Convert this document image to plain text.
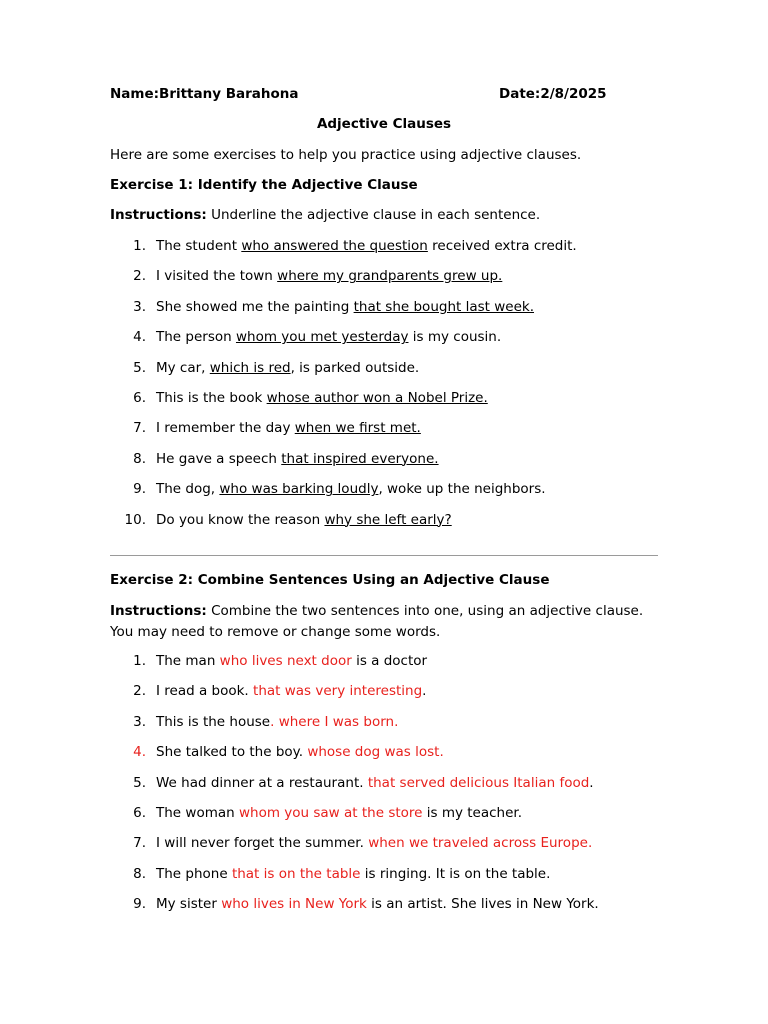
Name:Brittany Barahona	Date:2/8/2025
Adjective Clauses
Here are some exercises to help you practice using adjective clauses.
Exercise 1: Identify the Adjective Clause
Instructions: Underline the adjective clause in each sentence.
1. The student who answered the question received extra credit.
2. I visited the town where my grandparents grew up.
3. She showed me the painting that she bought last week.
4. The person whom you met yesterday is my cousin.
5. My car, which is red, is parked outside.
6. This is the book whose author won a Nobel Prize.
7. I remember the day when we first met.
8. He gave a speech that inspired everyone.
9. The dog, who was barking loudly, woke up the neighbors.
10. Do you know the reason why she left early?
Exercise 2: Combine Sentences Using an Adjective Clause
Instructions: Combine the two sentences into one, using an adjective clause. You may need to remove or change some words.
1. The man who lives next door is a doctor
2. I read a book. that was very interesting.
3. This is the house. where I was born.
4. She talked to the boy. whose dog was lost.
5. We had dinner at a restaurant. that served delicious Italian food.
6. The woman whom you saw at the store is my teacher.
7. I will never forget the summer. when we traveled across Europe.
8. The phone that is on the table is ringing. It is on the table.
9. My sister who lives in New York is an artist. She lives in New York.
